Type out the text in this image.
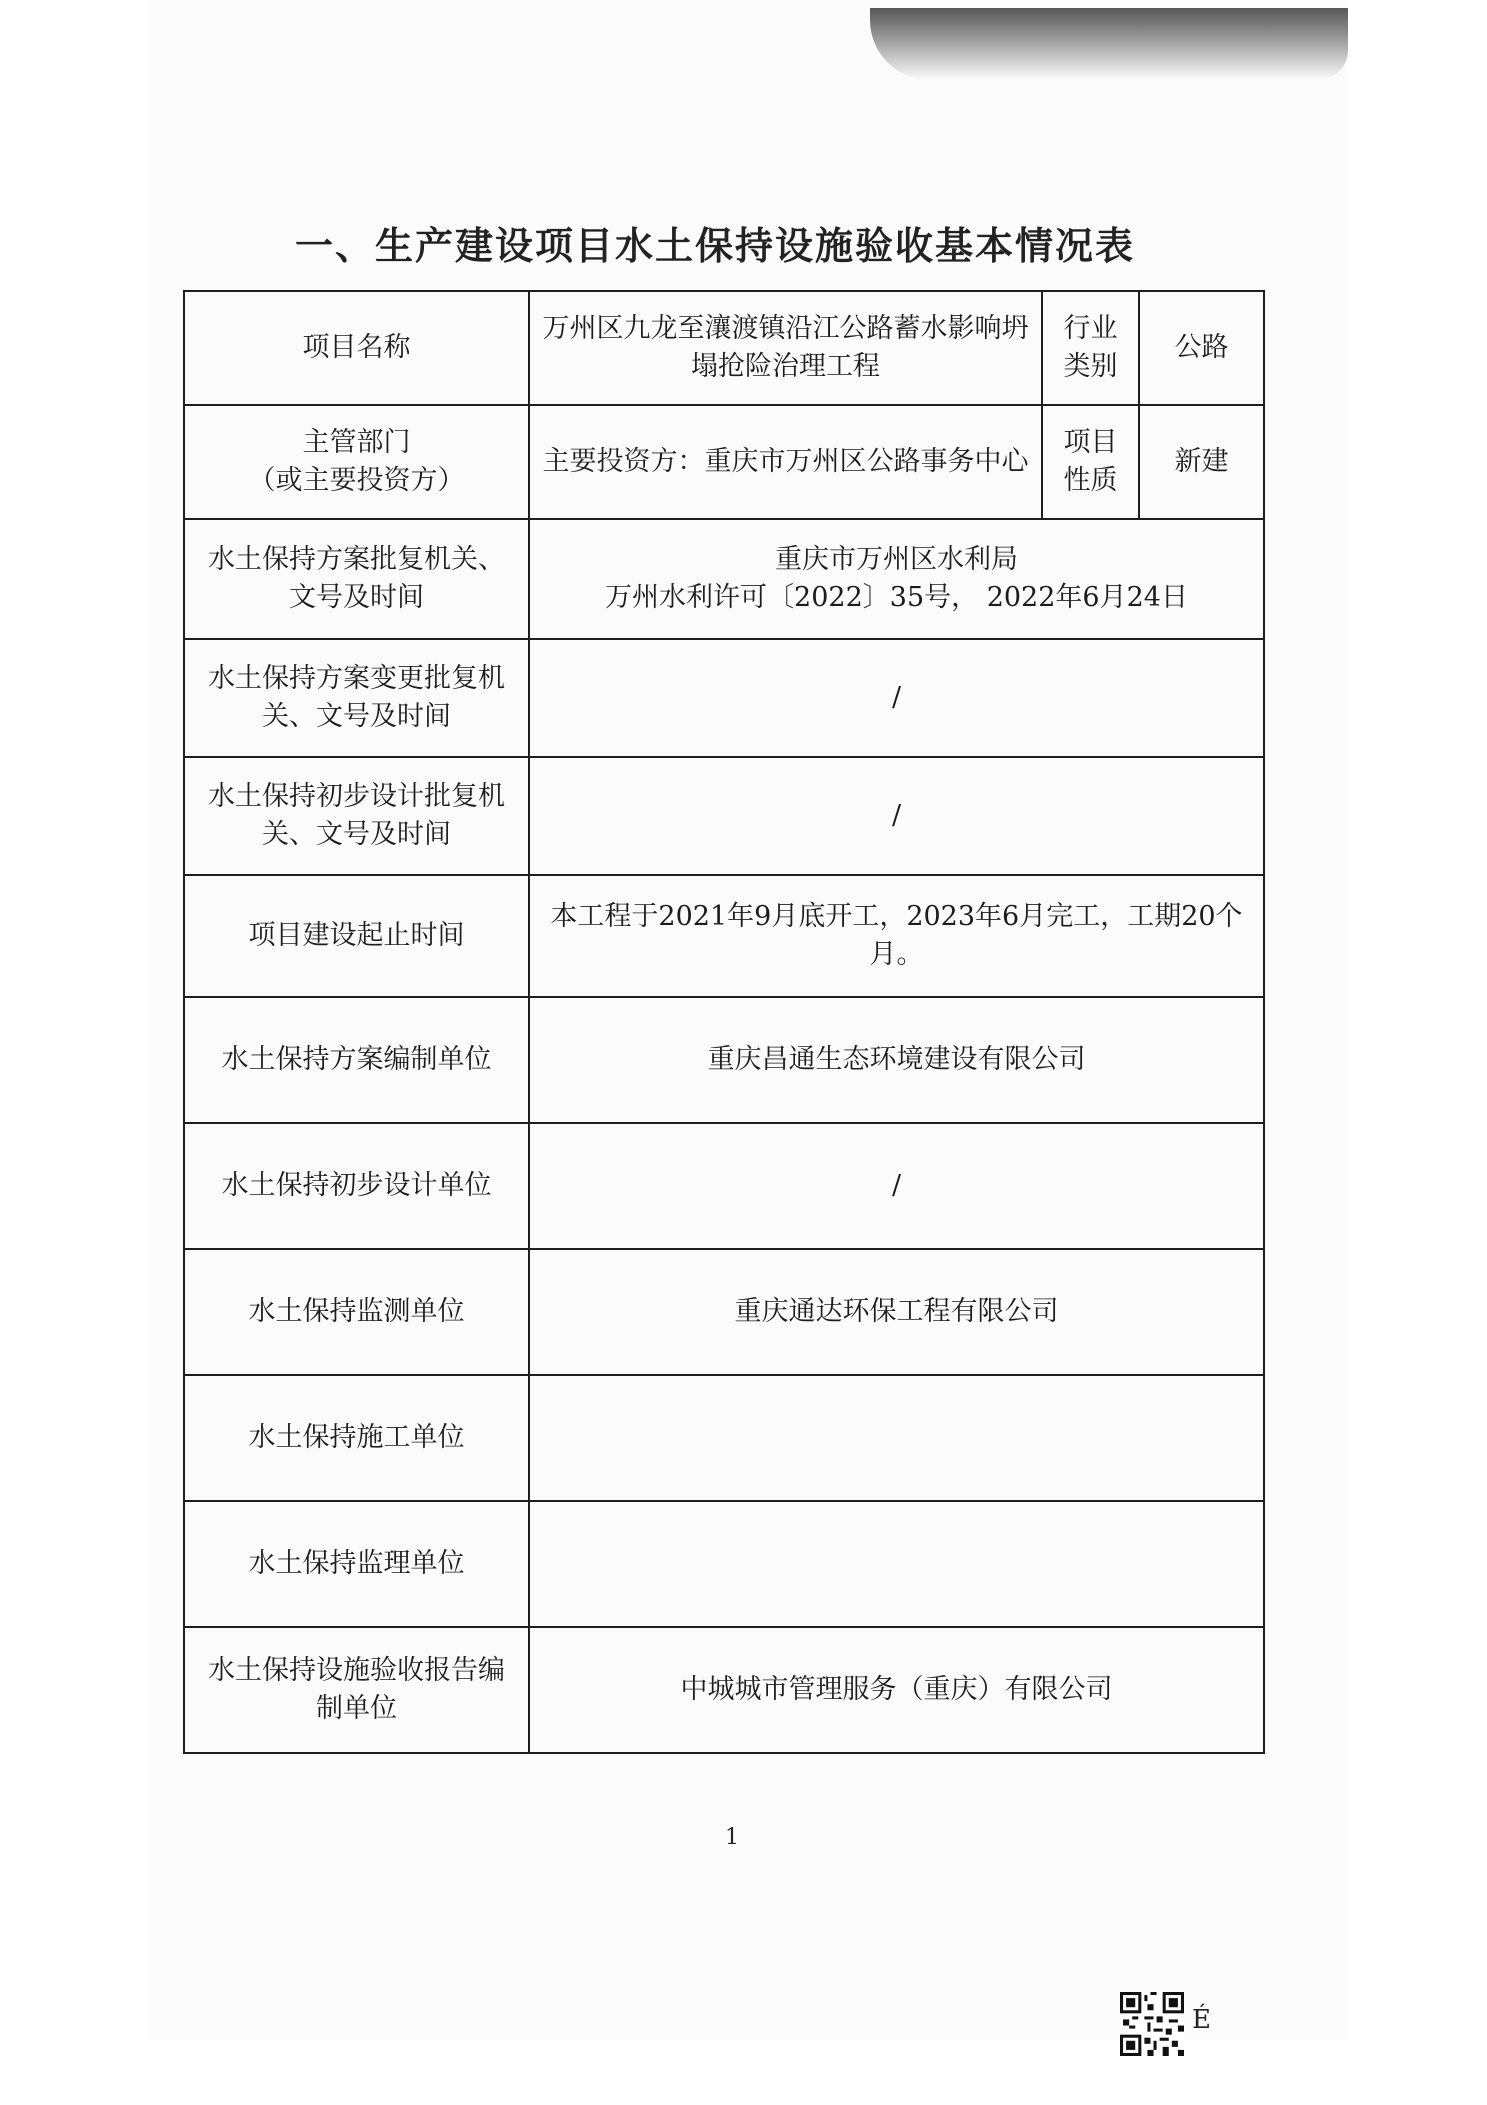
一、生产建设项目水土保持设施验收基本情况表
项目名称	万州区九龙至瀼渡镇沿江公路蓄水影响坍塌抢险治理工程	行业类别	公路

主管部门
（或主要投资方）	主要投资方：重庆市万州区公路事务中心	项目性质	新建
水土保持方案批复机关、文号及时间	重庆市万州区水利局
万州水利许可〔2022〕35号， 2022年6月24日		

水土保持方案变更批复机关、文号及时间	/		
水土保持初步设计批复机关、文号及时间	/		
项目建设起止时间	本工程于2021年9月底开工，2023年6月完工，工期20个月。		
水土保持方案编制单位	重庆昌通生态环境建设有限公司		
水土保持初步设计单位	/		
水土保持监测单位	重庆通达环保工程有限公司		
水土保持施工单位			
水土保持监理单位			
水土保持设施验收报告编制单位	中城城市管理服务（重庆）有限公司		
1
É
